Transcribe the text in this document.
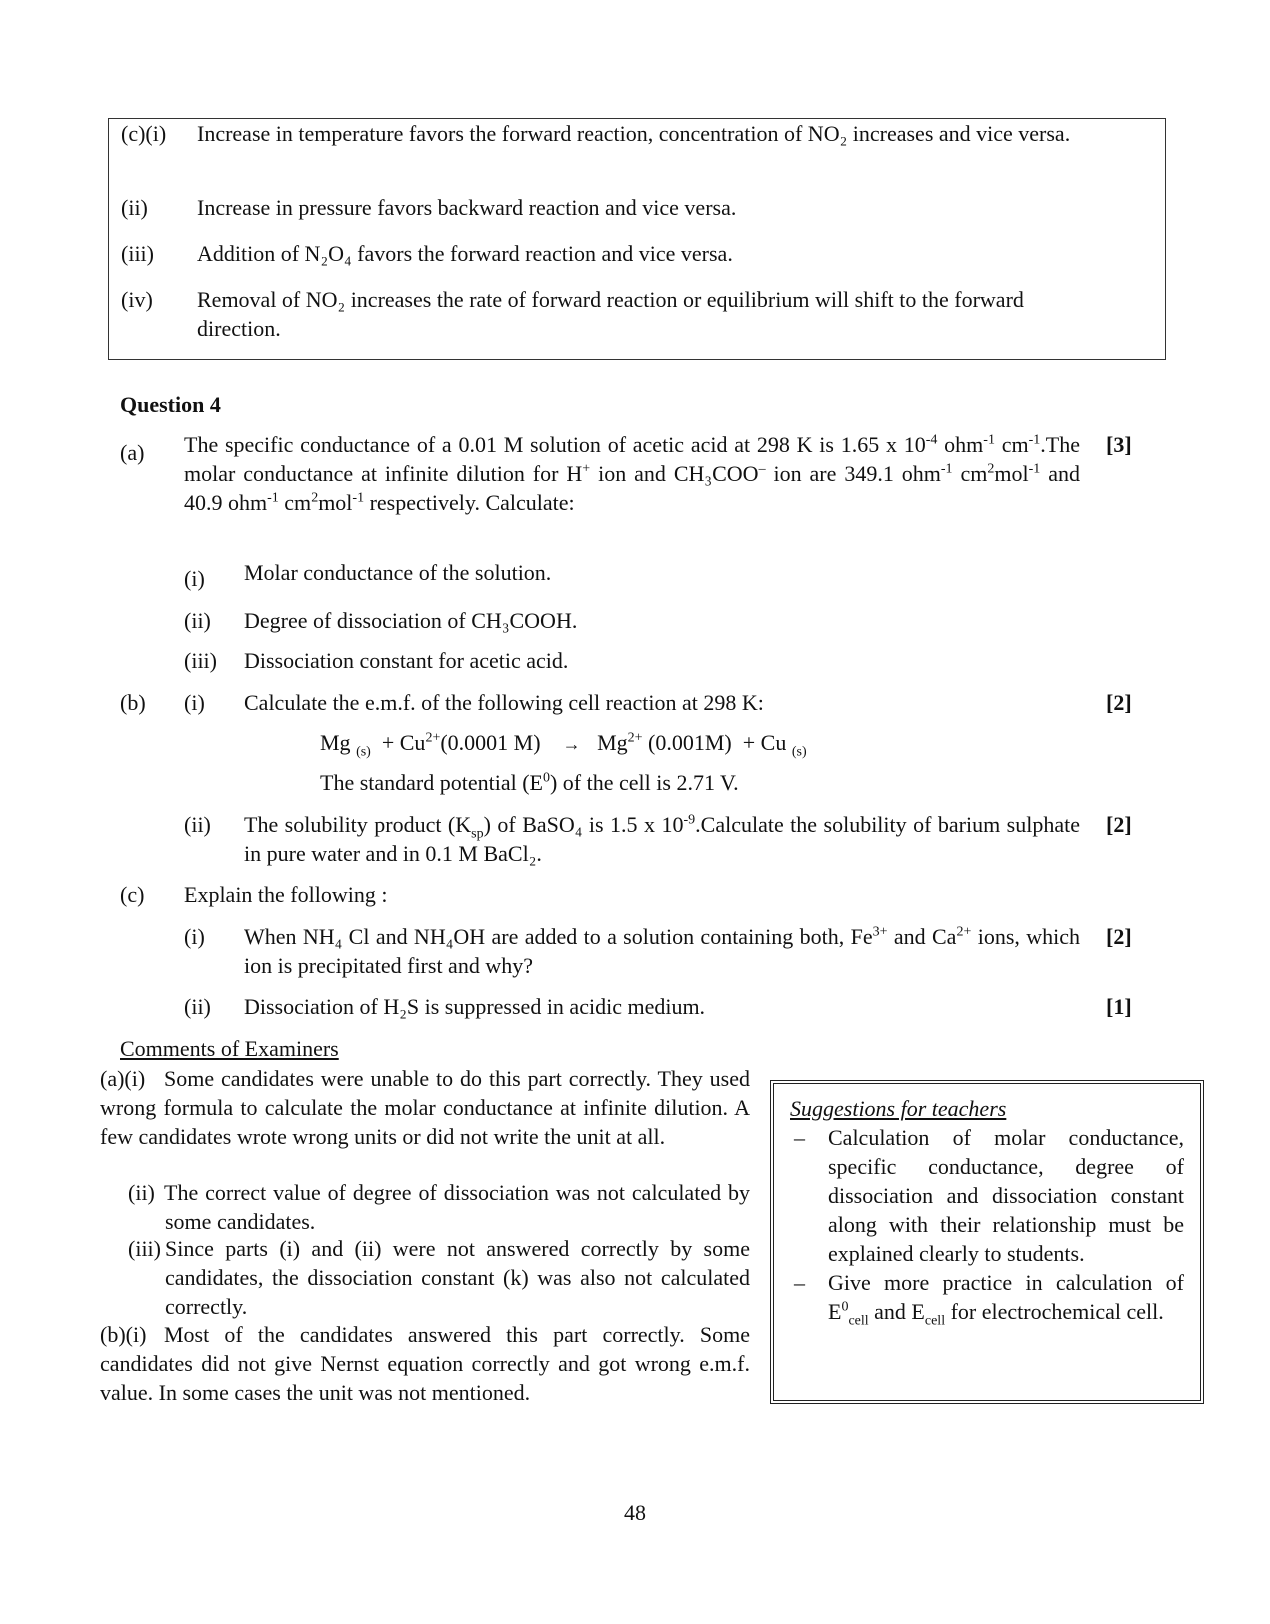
(c)(i) Increase in temperature favors the forward reaction, concentration of NO₂ increases and vice versa.
(ii) Increase in pressure favors backward reaction and vice versa.
(iii) Addition of N₂O₄ favors the forward reaction and vice versa.
(iv) Removal of NO₂ increases the rate of forward reaction or equilibrium will shift to the forward direction.
Question 4
(a) The specific conductance of a 0.01 M solution of acetic acid at 298 K is 1.65 x $10^{-4}$ ohm$^{-1}$ $cm^{-1}.The$ molar conductance at infinite dilution for H+ ion and CH₃COO– ion are 349.1 ohm$^{-1}$ $cm^2mol^{-1}$ and 40.9 ohm$^{-1}$ $cm^2mol^{-1}$ respectively. Calculate:
[3]
(i) Molar conductance of the solution.
(ii) Degree of dissociation of CH₃COOH.
(iii) Dissociation constant for acetic acid.
(b) (i) Calculate the e.m.f. of the following cell reaction at 298 K:	[2]
Mg $_{(s)} + Cu^{2+}(0.0001$ $M) \to Mg^{2+}$ (0.001M) + Cu $_{(s)}$
The standard potential $(E^0)$ of the cell is 2.71 V.
(ii) The solubility product $(K_{sp})$ of BaSO₄ is 1.5 x $10^{-9}.Calculate$ the solubility of barium sulphate in pure water and in 0.1 M BaCl₂.
[2]
(c) Explain the following :
(i) When NH₄ Cl and NH₄OH are added to a solution containing both, $Fe^{3+}$ and $Ca^{2+}$ ions, which ion is precipitated first and why?
[2]
(ii) Dissociation of H₂S is suppressed in acidic medium.	[1]
Comments of Examiners
(a)(i) Some candidates were unable to do this part correctly. They used wrong formula to calculate the molar conductance at infinite dilution. A few candidates wrote wrong units or did not write the unit at all.
(ii) The correct value of degree of dissociation was not calculated by some candidates.
(iii) Since parts (i) and (ii) were not answered correctly by some candidates, the dissociation constant (k) was also not calculated correctly.
(b)(i) Most of the candidates answered this part correctly. Some candidates did not give Nernst equation correctly and got wrong e.m.f. value. In some cases the unit was not mentioned.
Suggestions for teachers
– Calculation of molar conductance, specific conductance, degree of dissociation and dissociation constant along with their relationship must be explained clearly to students.
– Give more practice in calculation of $E^0_{cell}$ and $E_{cell}$ for electrochemical cell.
48
